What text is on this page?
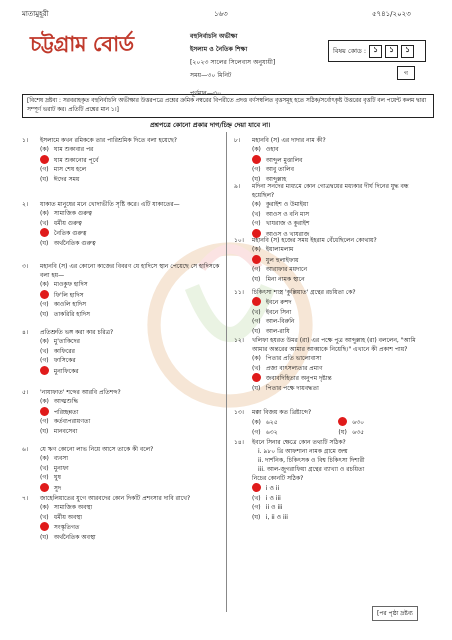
মাতামুহূরী	১৬৩	৫৭৪১/২০২৩
চট্টগ্রাম বোর্ড	বহুনির্বাচনি অভীক্ষা
ইসলাম ও নৈতিক শিক্ষা
[২০২৩ সালের সিলেবাস অনুযায়ী]
সময়—৩০ মিনিট
পূর্ণমান—৩০
বিষয় কোড : ১	১	১
গ
[বিশেষ দ্রষ্টব্য : সরবরাহকৃত বহুনির্বাচনি অভীক্ষার উত্তরপত্রে প্রশ্নের ক্রমিক নম্বরের বিপরীতে প্রদত্ত বর্ণসম্বলিত বৃত্তসমূহ হতে সঠিক/সর্বোৎকৃষ্ট উত্তরের বৃত্তটি বল পয়েন্ট কলম দ্বারা সম্পূর্ণ ভরাট কর। প্রতিটি প্রশ্নের মান ১।]
প্রশ্নপত্রে কোনো প্রকার দাগ/চিহ্ন দেয়া যাবে না।
১। ইসলামে কখন রমিককে তার পারিশ্রমিক দিতে বলা হয়েছে?
(ক) ঘাম শুকাবার পর
ঘাম শুকানোর পূর্বে
(গ) মাস শেষ হলে
(ঘ) ঈদের সময়
২। যাকাত মানুষের মনে খোদাভীতি সৃষ্টি করে। এটি যাকাতের—
(ক) সামাজিক গুরুত্ব
(খ) ধর্মীয় গুরুত্ব
নৈতিক গুরুত্ব
(ঘ) অর্থনৈতিক গুরুত্ব
৩। মহানবি (স) এর কোনো কাজের বিবরণ যে হাদিসে স্থান পেয়েছে সে হাদিসকে বলা হয়—
(ক) মাওকুফ হাদিস
ফি'লি হাদিস
(গ) কাওলি হাদিস
(ঘ) তাকরিরি হাদিস
৪। প্রতিশ্রুতি ভঙ্গ করা কার চরিত্র?
(ক) মু'তাকিদের
(খ) কাফিরের
(গ) ফাসিকের
মুনাফিকের
৫। 'নাযাফাত' শব্দের আরবি প্রতিশব্দ?
(ক) আত্মশুদ্ধি
পরিচ্ছন্নতা
(গ) কর্তব্যপরায়ণতা
(ঘ) মানবসেবা
৬। যে ঋণ কোনো লাভ নিয়ে আসে তাকে কী বলে?
(ক) ব্যবসা
(খ) মুনাফা
(গ) ঘুষ
সুদ
৭। জাহেলিয়াতের যুগে আরবদের কোন দিকটি প্রশংসার দাবি রাখে?
(ক) সামাজিক অবস্থা
(খ) ধর্মীয় অবস্থা
সংস্কৃতিগত
(ঘ) অর্থনৈতিক অবস্থা
৮। মহানবি (স) এর দাদার নাম কী?
(ক) ওহাব
আব্দুল মুত্তালিব
(গ) আবু তালিব
(ঘ) আব্দুল্লাহ
৯। মদিনা সনদের মাধ্যমে কোন গোত্রদ্বয়ের মধ্যকার দীর্ঘ দিনের যুদ্ধ বন্ধ হয়েছিল?
(ক) কুরাইশ ও উমাইয়া
(খ) আওস ও বনি মাস
(গ) খাযরাজ ও কুরাইশ
আওস ও খাযরাজ
১০। মহানবি (স) হজের সময় ইহরাম বেঁধেছিলেন কোথায়?
(ক) ইয়ালামলাম
যুল হুলাইফায়
(গ) আরাফার ময়দানে
(ঘ) মিনা নামক স্থানে
১১। চিকিৎসা শাস্ত্র 'কুল্লিয়াত' গ্রন্থের রচয়িতা কে?
ইবনে রুশদ
(খ) ইবনে সিনা
(গ) আল-বিরুনি
(ঘ) আল-রাযি
১২। খলিফা হযরত উমর (রা) এর পক্ষে পুত্র আব্দুল্লাহ (রা) বললেন, "আমি আমার অন্তরের আমার আব্বাকে নিয়েছি।" এখানে কী প্রকাশ পায়?
(ক) পিতার প্রতি ভালোবাসা
(খ) প্রজা বাৎসল্যতার প্রমাণ
জবাবদিহিতার অনুপম দৃষ্টান্ত
(ঘ) পিতার পক্ষে দায়বদ্ধতা
১৩। মক্কা বিজয় কত খ্রিষ্টাব্দে?
(ক) ৬২৫	৬৩০(গ) ৬৩২	(ঘ) ৬৩৫
১৪। ইবনে সিনার ক্ষেত্রে কোন তথ্যটি সঠিক?
i. ৯৮০ খ্রি আফশানা নামক গ্রামে জন্ম
ii. দার্শনিক, চিকিৎসক ও বিশ্ব চিকিৎসা দিশারী
iii. আল-জুগরাফিয়া গ্রন্থের ব্যাখ্যা ও রচয়িতা
নিচের কোনটি সঠিক?
i ও ii
(খ) i ও iii
(গ) ii ও iii
(ঘ) i, ii ও iii
[পর পৃষ্ঠা দ্রষ্টব্য
